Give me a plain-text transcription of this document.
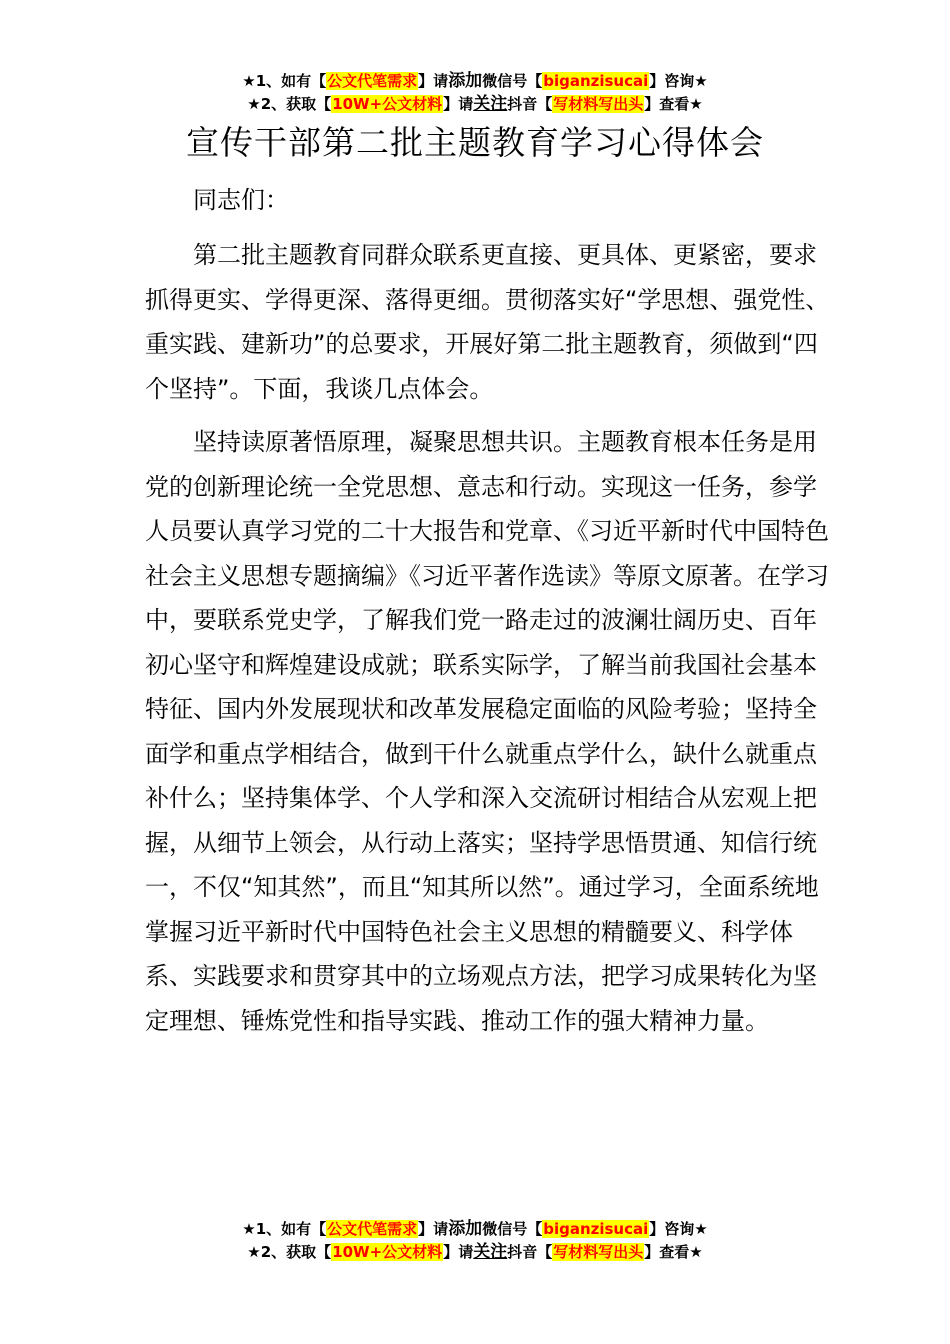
★1、如有【公文代笔需求】请添加微信号【biganzisucai】咨询★
★2、获取【10W+公文材料】请关注抖音【写材料写出头】查看★
宣传干部第二批主题教育学习心得体会

同志们：

第二批主题教育同群众联系更直接、更具体、更紧密，要求抓得更实、学得更深、落得更细。贯彻落实好“学思想、强党性、重实践、建新功”的总要求，开展好第二批主题教育，须做到“四个坚持”。下面，我谈几点体会。

坚持读原著悟原理，凝聚思想共识。主题教育根本任务是用党的创新理论统一全党思想、意志和行动。实现这一任务，参学人员要认真学习党的二十大报告和党章、《习近平新时代中国特色社会主义思想专题摘编》《习近平著作选读》等原文原著。在学习中，要联系党史学，了解我们党一路走过的波澜壮阔历史、百年初心坚守和辉煌建设成就；联系实际学，了解当前我国社会基本特征、国内外发展现状和改革发展稳定面临的风险考验；坚持全面学和重点学相结合，做到干什么就重点学什么，缺什么就重点补什么；坚持集体学、个人学和深入交流研讨相结合从宏观上把握，从细节上领会，从行动上落实；坚持学思悟贯通、知信行统一，不仅“知其然”，而且“知其所以然”。通过学习，全面系统地掌握习近平新时代中国特色社会主义思想的精髓要义、科学体系、实践要求和贯穿其中的立场观点方法，把学习成果转化为坚定理想、锤炼党性和指导实践、推动工作的强大精神力量。

★1、如有【公文代笔需求】请添加微信号【biganzisucai】咨询★
★2、获取【10W+公文材料】请关注抖音【写材料写出头】查看★
